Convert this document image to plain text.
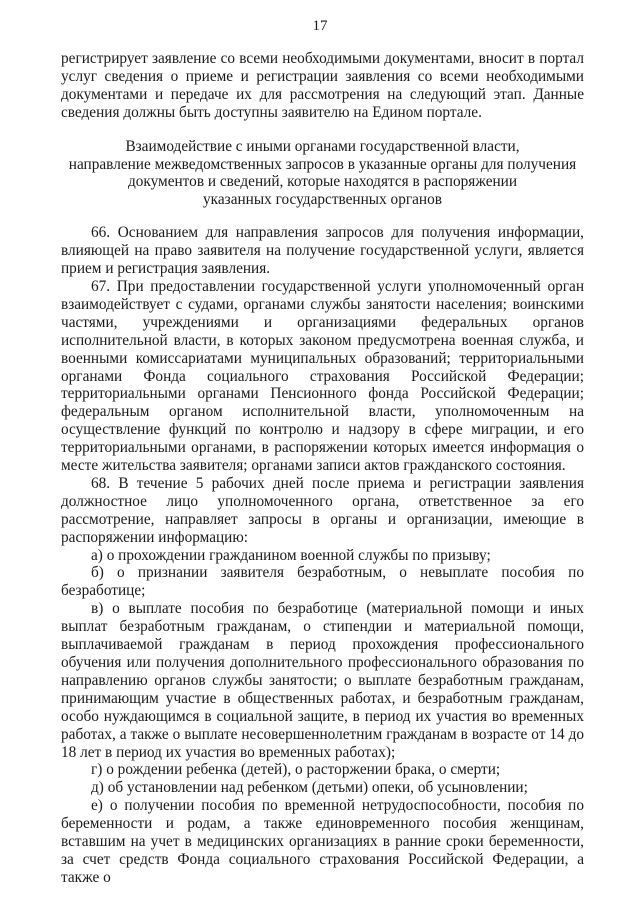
17

регистрирует заявление со всеми необходимыми документами, вносит в портал услуг сведения о приеме и регистрации заявления со всеми необходимыми документами и передаче их для рассмотрения на следующий этап. Данные сведения должны быть доступны заявителю на Едином портале.

Взаимодействие с иными органами государственной власти,
направление межведомственных запросов в указанные органы для получения
документов и сведений, которые находятся в распоряжении
указанных государственных органов

66. Основанием для направления запросов для получения информации, влияющей на право заявителя на получение государственной услуги, является прием и регистрация заявления.

67. При предоставлении государственной услуги уполномоченный орган взаимодействует с судами, органами службы занятости населения; воинскими частями, учреждениями и организациями федеральных органов исполнительной власти, в которых законом предусмотрена военная служба, и военными комиссариатами муниципальных образований; территориальными органами Фонда социального страхования Российской Федерации; территориальными органами Пенсионного фонда Российской Федерации; федеральным органом исполнительной власти, уполномоченным на осуществление функций по контролю и надзору в сфере миграции, и его территориальными органами, в распоряжении которых имеется информация о месте жительства заявителя; органами записи актов гражданского состояния.

68. В течение 5 рабочих дней после приема и регистрации заявления должностное лицо уполномоченного органа, ответственное за его рассмотрение, направляет запросы в органы и организации, имеющие в распоряжении информацию:

а) о прохождении гражданином военной службы по призыву;

б) о признании заявителя безработным, о невыплате пособия по безработице;

в) о выплате пособия по безработице (материальной помощи и иных выплат безработным гражданам, о стипендии и материальной помощи, выплачиваемой гражданам в период прохождения профессионального обучения или получения дополнительного профессионального образования по направлению органов службы занятости; о выплате безработным гражданам, принимающим участие в общественных работах, и безработным гражданам, особо нуждающимся в социальной защите, в период их участия во временных работах, а также о выплате несовершеннолетним гражданам в возрасте от 14 до 18 лет в период их участия во временных работах);

г) о рождении ребенка (детей), о расторжении брака, о смерти;

д) об установлении над ребенком (детьми) опеки, об усыновлении;

е) о получении пособия по временной нетрудоспособности, пособия по беременности и родам, а также единовременного пособия женщинам, вставшим на учет в медицинских организациях в ранние сроки беременности, за счет средств Фонда социального страхования Российской Федерации, а также о
